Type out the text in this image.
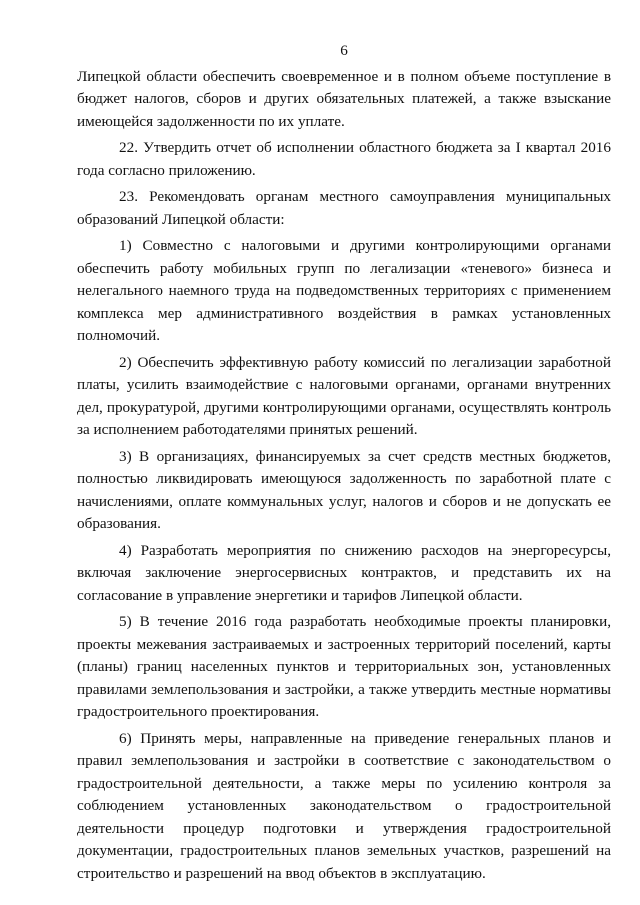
6

Липецкой области обеспечить своевременное и в полном объеме поступление в бюджет налогов, сборов и других обязательных платежей, а также взыскание имеющейся задолженности по их уплате.

22. Утвердить отчет об исполнении областного бюджета за I квартал 2016 года согласно приложению.

23. Рекомендовать органам местного самоуправления муниципальных образований Липецкой области:

1) Совместно с налоговыми и другими контролирующими органами обеспечить работу мобильных групп по легализации «теневого» бизнеса и нелегального наемного труда на подведомственных территориях с применением комплекса мер административного воздействия в рамках установленных полномочий.

2) Обеспечить эффективную работу комиссий по легализации заработной платы, усилить взаимодействие с налоговыми органами, органами внутренних дел, прокуратурой, другими контролирующими органами, осуществлять контроль за исполнением работодателями принятых решений.

3) В организациях, финансируемых за счет средств местных бюджетов, полностью ликвидировать имеющуюся задолженность по заработной плате с начислениями, оплате коммунальных услуг, налогов и сборов и не допускать ее образования.

4) Разработать мероприятия по снижению расходов на энергоресурсы, включая заключение энергосервисных контрактов, и представить их на согласование в управление энергетики и тарифов Липецкой области.

5) В течение 2016 года разработать необходимые проекты планировки, проекты межевания застраиваемых и застроенных территорий поселений, карты (планы) границ населенных пунктов и территориальных зон, установленных правилами землепользования и застройки, а также утвердить местные нормативы градостроительного проектирования.

6) Принять меры, направленные на приведение генеральных планов и правил землепользования и застройки в соответствие с законодательством о градостроительной деятельности, а также меры по усилению контроля за соблюдением установленных законодательством о градостроительной деятельности процедур подготовки и утверждения градостроительной документации, градостроительных планов земельных участков, разрешений на строительство и разрешений на ввод объектов в эксплуатацию.
